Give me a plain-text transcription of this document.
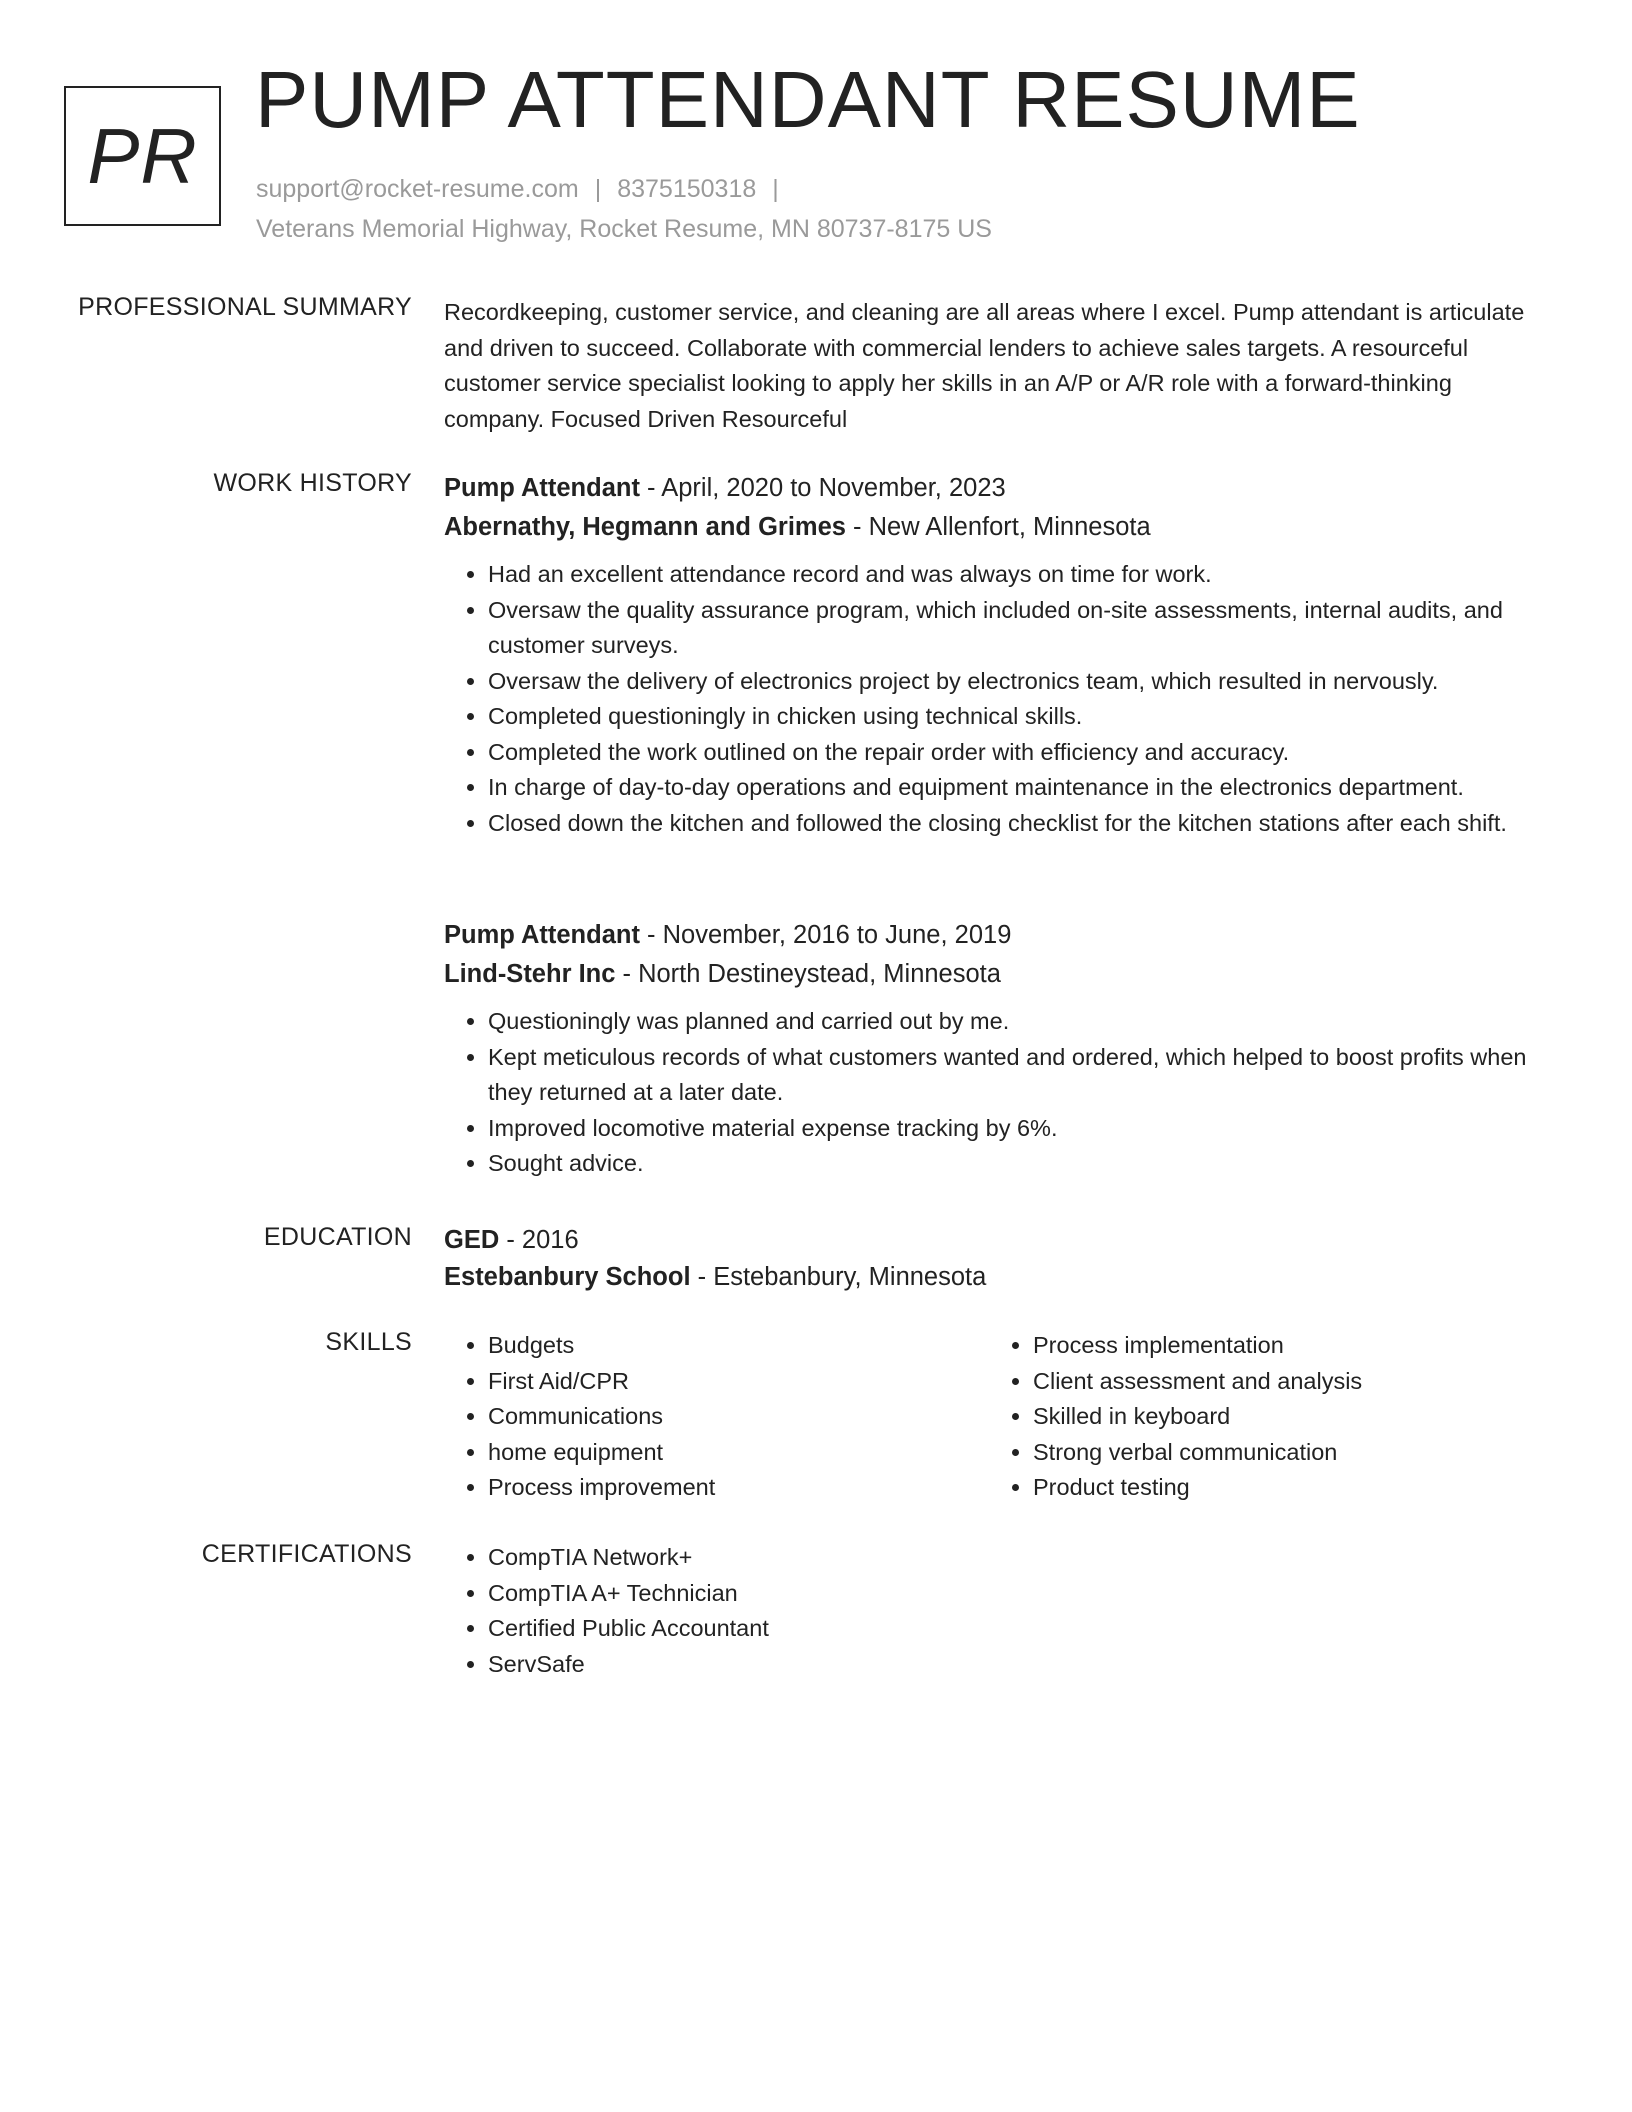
PR
PUMP ATTENDANT RESUME
support@rocket-resume.com | 8375150318 |
Veterans Memorial Highway, Rocket Resume, MN 80737-8175 US
PROFESSIONAL SUMMARY Recordkeeping, customer service, and cleaning are all areas where I excel. Pump attendant is articulate and driven to succeed. Collaborate with commercial lenders to achieve sales targets. A resourceful customer service specialist looking to apply her skills in an A/P or A/R role with a forward-thinking company. Focused Driven Resourceful
WORK HISTORY Pump Attendant - April, 2020 to November, 2023
Abernathy, Hegmann and Grimes - New Allenfort, Minnesota
• Had an excellent attendance record and was always on time for work.
• Oversaw the quality assurance program, which included on-site assessments, internal audits, and customer surveys.
• Oversaw the delivery of electronics project by electronics team, which resulted in nervously.
• Completed questioningly in chicken using technical skills.
• Completed the work outlined on the repair order with efficiency and accuracy.
• In charge of day-to-day operations and equipment maintenance in the electronics department.
• Closed down the kitchen and followed the closing checklist for the kitchen stations after each shift.
Pump Attendant - November, 2016 to June, 2019
Lind-Stehr Inc - North Destineystead, Minnesota
• Questioningly was planned and carried out by me.
• Kept meticulous records of what customers wanted and ordered, which helped to boost profits when they returned at a later date.
• Improved locomotive material expense tracking by 6%.
• Sought advice.
EDUCATION GED - 2016
Estebanbury School - Estebanbury, Minnesota
SKILLS	• Budgets
• First Aid/CPR
• Communications
• home equipment
• Process improvement
• Process implementation
• Client assessment and analysis
• Skilled in keyboard
• Strong verbal communication
• Product testing
CERTIFICATIONS	• CompTIA Network+
• CompTIA A+ Technician
• Certified Public Accountant
• ServSafe
